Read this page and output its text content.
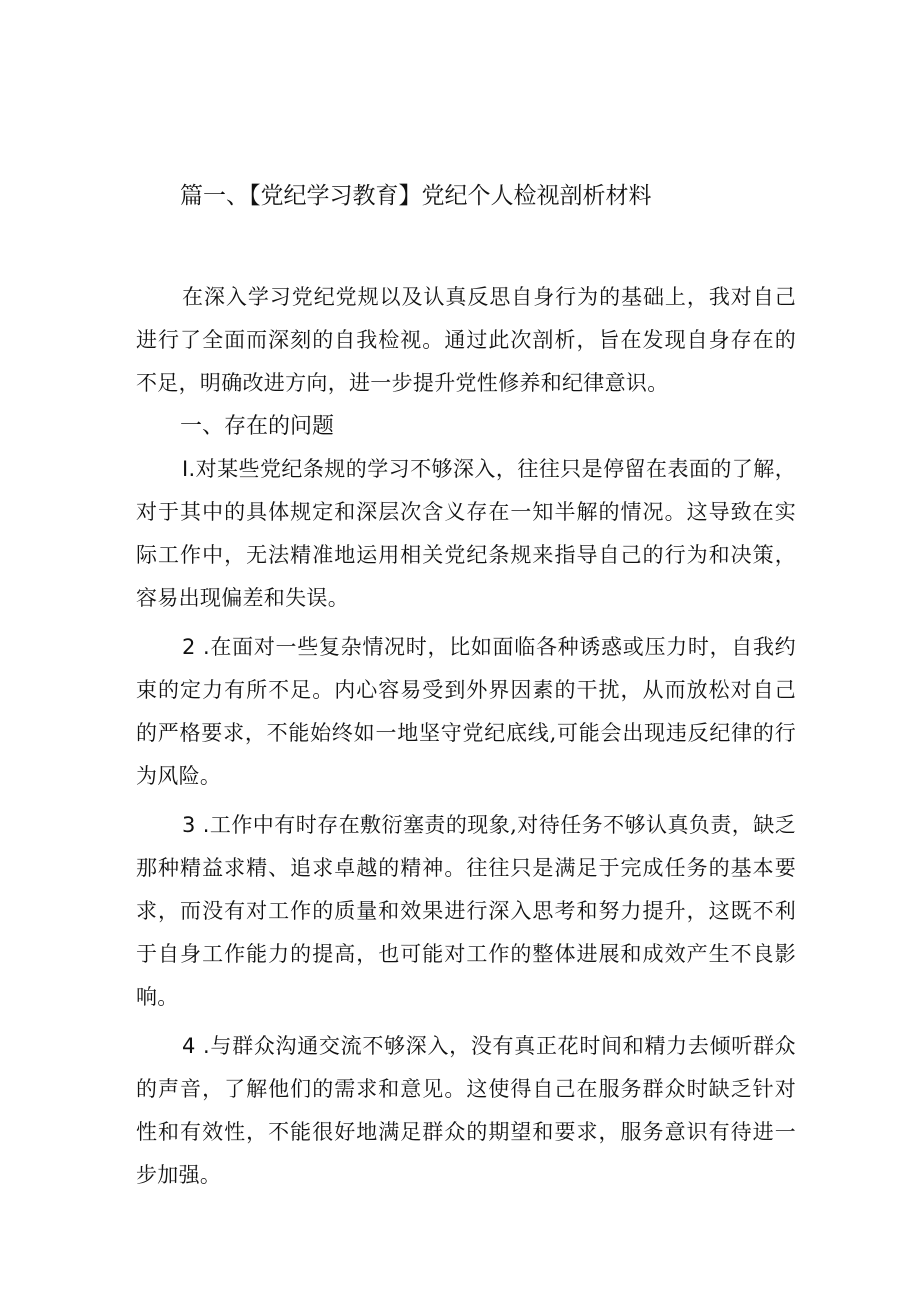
篇一、【党纪学习教育】党纪个人检视剖析材料

在深入学习党纪党规以及认真反思自身行为的基础上，我对自己进行了全面而深刻的自我检视。通过此次剖析，旨在发现自身存在的不足，明确改进方向，进一步提升党性修养和纪律意识。

一、存在的问题

I.对某些党纪条规的学习不够深入，往往只是停留在表面的了解，对于其中的具体规定和深层次含义存在一知半解的情况。这导致在实际工作中，无法精准地运用相关党纪条规来指导自己的行为和决策，容易出现偏差和失误。

2 .在面对一些复杂情况时，比如面临各种诱惑或压力时，自我约束的定力有所不足。内心容易受到外界因素的干扰，从而放松对自己的严格要求，不能始终如一地坚守党纪底线,可能会出现违反纪律的行为风险。

3 .工作中有时存在敷衍塞责的现象,对待任务不够认真负责，缺乏那种精益求精、追求卓越的精神。往往只是满足于完成任务的基本要求，而没有对工作的质量和效果进行深入思考和努力提升，这既不利于自身工作能力的提高，也可能对工作的整体进展和成效产生不良影响。

4 .与群众沟通交流不够深入，没有真正花时间和精力去倾听群众的声音，了解他们的需求和意见。这使得自己在服务群众时缺乏针对性和有效性，不能很好地满足群众的期望和要求，服务意识有待进一步加强。
